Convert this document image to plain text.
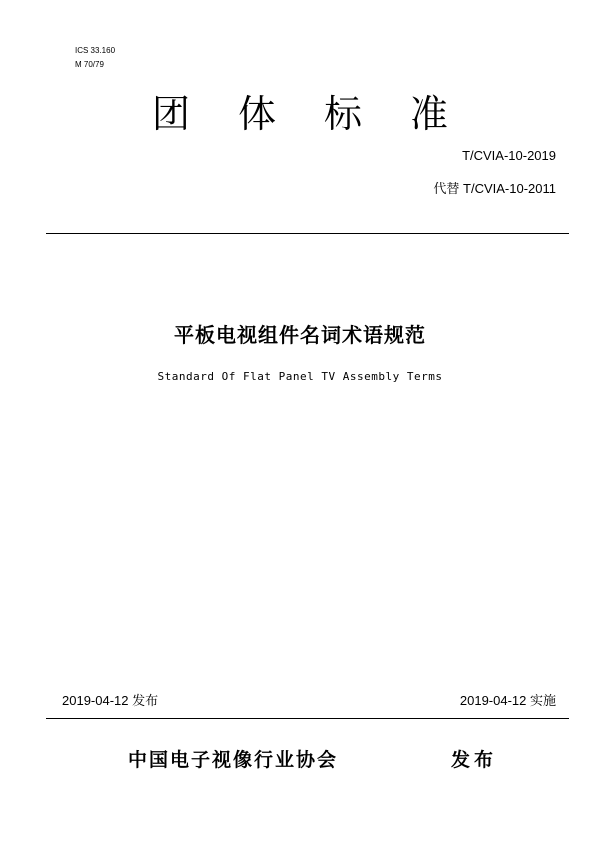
ICS 33.160
M 70/79
团 体 标 准
T/CVIA-10-2019
代替 T/CVIA-10-2011
平板电视组件名词术语规范
Standard Of Flat Panel TV Assembly Terms
2019-04-12 发布	2019-04-12 实施
中国电子视像行业协会	发布
